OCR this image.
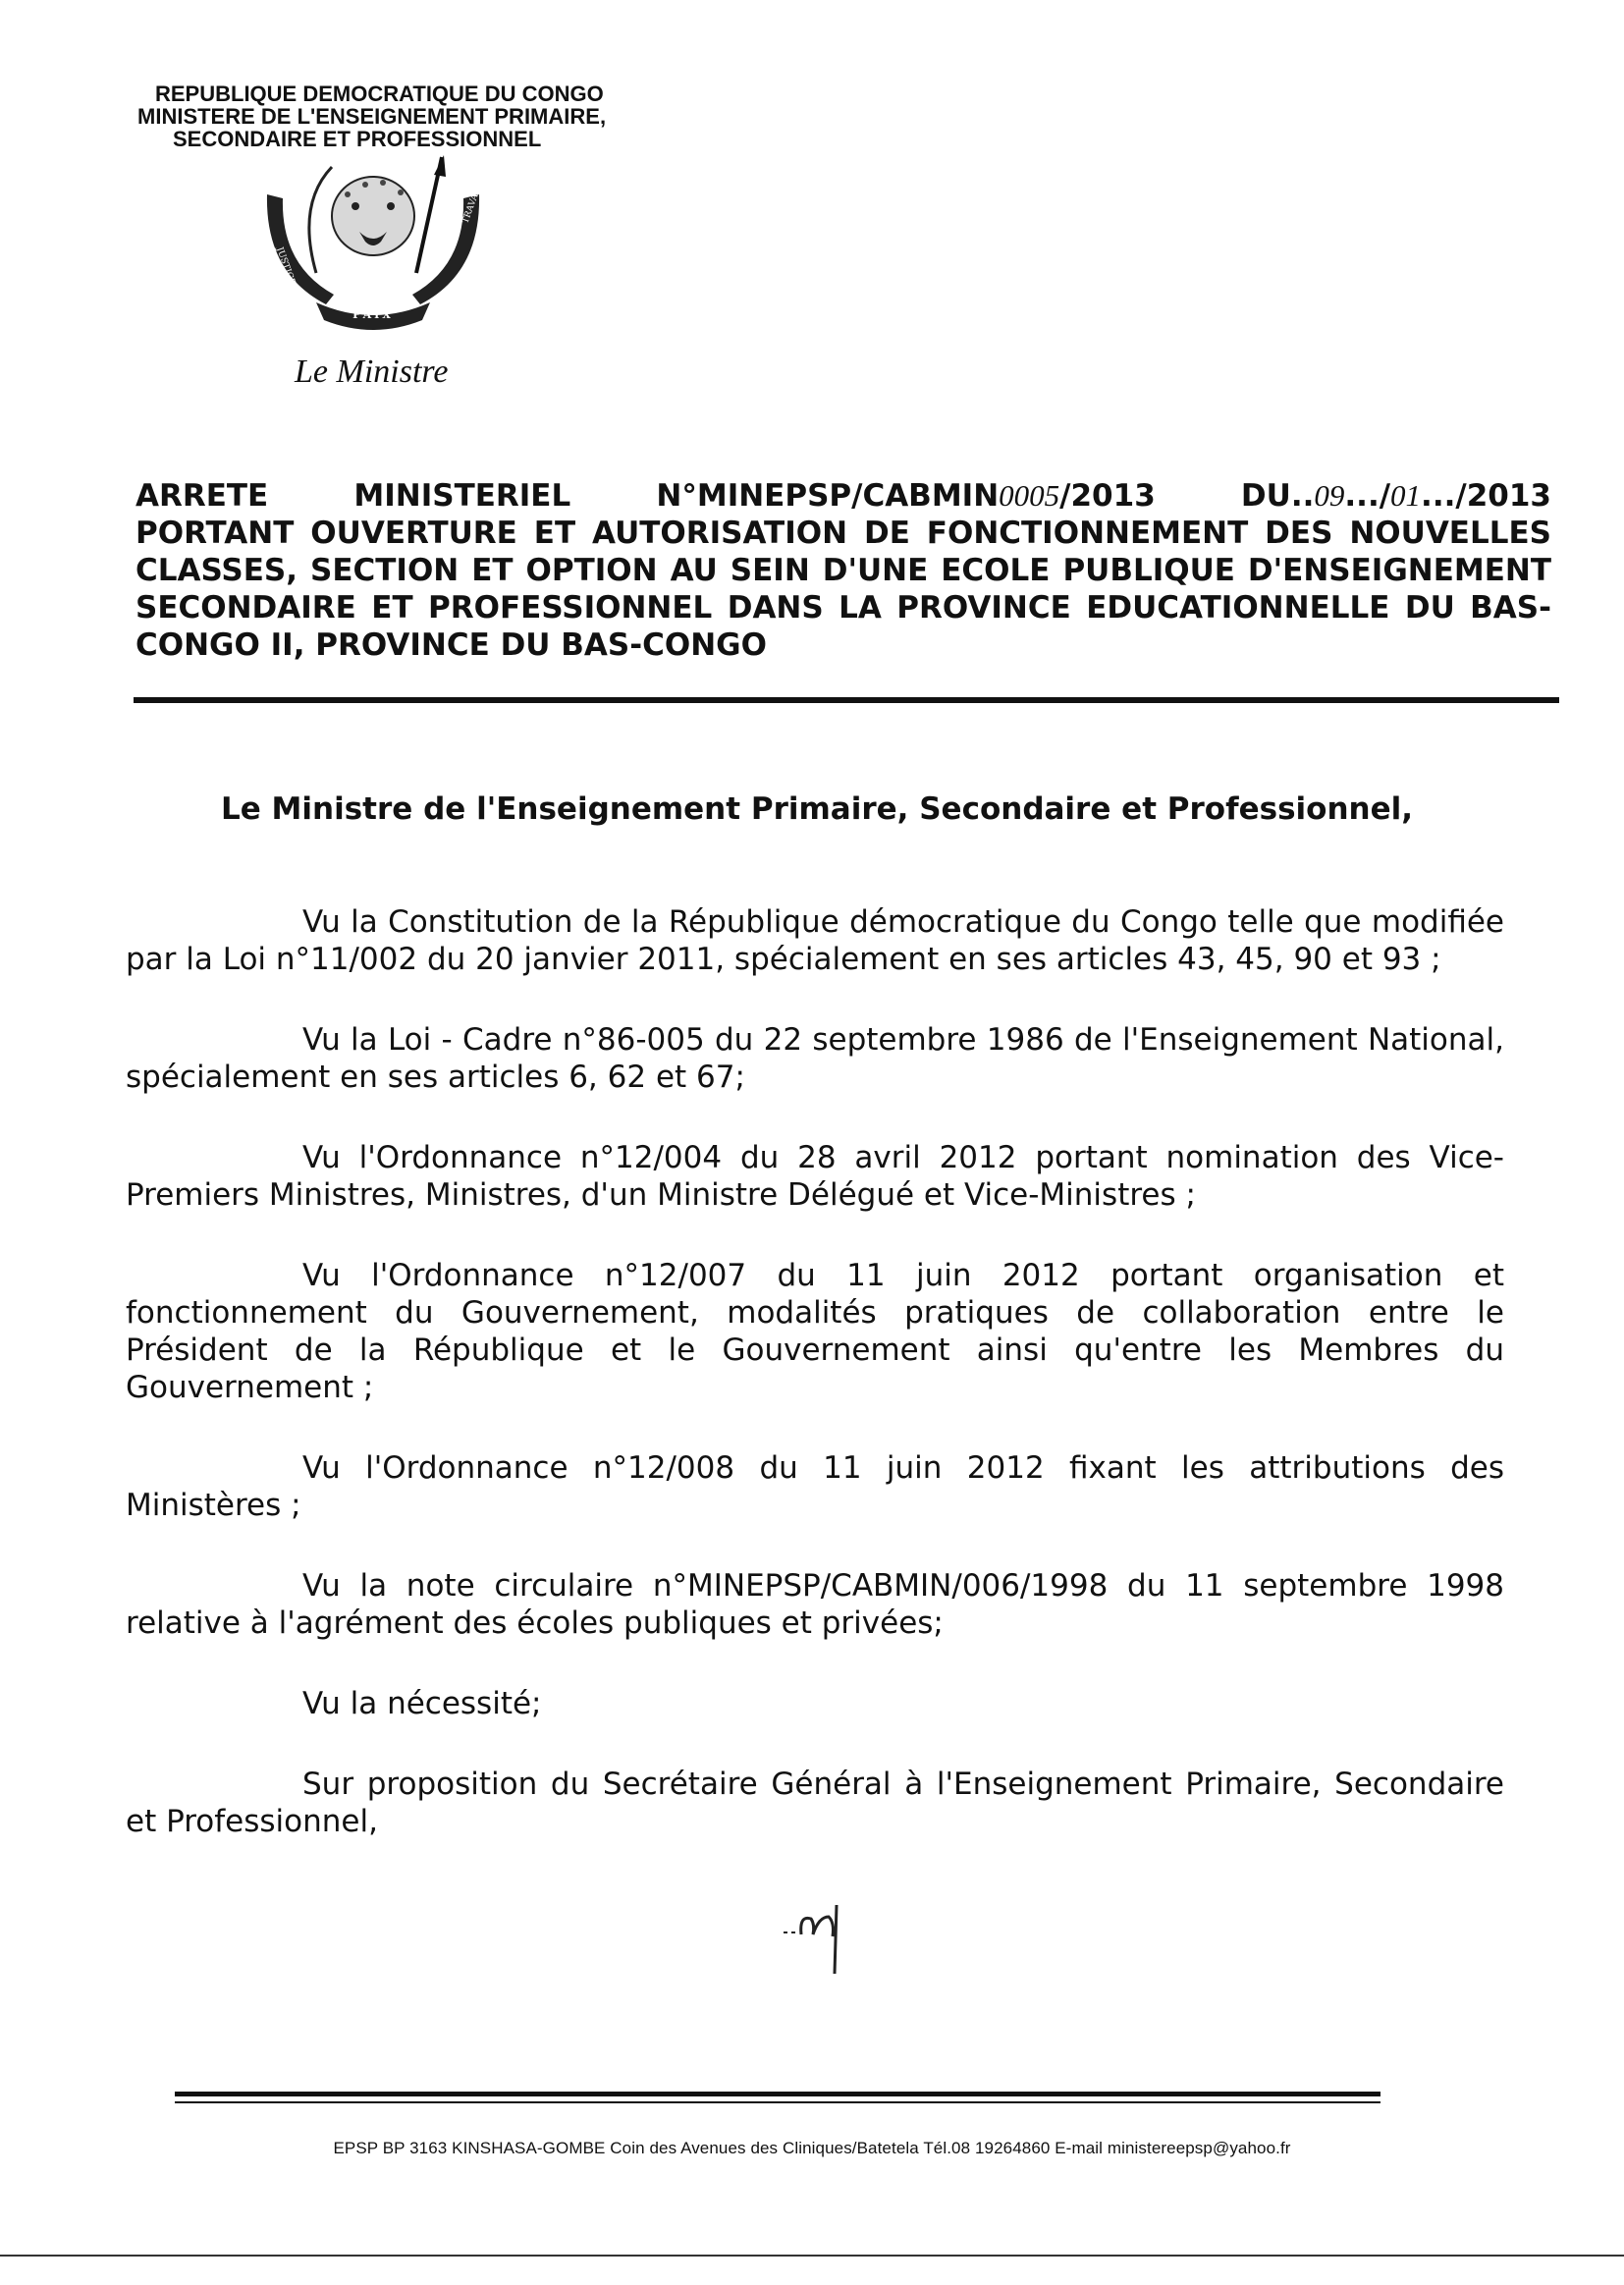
REPUBLIQUE DEMOCRATIQUE DU CONGO
MINISTERE DE L'ENSEIGNEMENT PRIMAIRE,
SECONDAIRE ET PROFESSIONNEL
PAIX
JUSTICE
TRAVAIL
Le Ministre
ARRETE	MINISTERIEL	N°MINEPSP/CABMIN0005/2013	DU..09.../01.../2013
PORTANT OUVERTURE ET AUTORISATION DE FONCTIONNEMENT DES NOUVELLES CLASSES, SECTION ET OPTION AU SEIN D'UNE ECOLE PUBLIQUE D'ENSEIGNEMENT SECONDAIRE ET PROFESSIONNEL DANS LA PROVINCE EDUCATIONNELLE DU BAS-CONGO II, PROVINCE DU BAS-CONGO
Le Ministre de l'Enseignement Primaire, Secondaire et Professionnel,

Vu la Constitution de la République démocratique du Congo telle que modifiée par la Loi n°11/002 du 20 janvier 2011, spécialement en ses articles 43, 45, 90 et 93 ;

Vu la Loi - Cadre n°86-005 du 22 septembre 1986 de l'Enseignement National, spécialement en ses articles 6, 62 et 67;

Vu l'Ordonnance n°12/004 du 28 avril 2012 portant nomination des Vice-Premiers Ministres, Ministres, d'un Ministre Délégué et Vice-Ministres ;

Vu l'Ordonnance n°12/007 du 11 juin 2012 portant organisation et fonctionnement du Gouvernement, modalités pratiques de collaboration entre le Président de la République et le Gouvernement ainsi qu'entre les Membres du Gouvernement ;

Vu l'Ordonnance n°12/008 du 11 juin 2012 fixant les attributions des Ministères ;

Vu la note circulaire n°MINEPSP/CABMIN/006/1998 du 11 septembre 1998 relative à l'agrément des écoles publiques et privées;

Vu la nécessité;

Sur proposition du Secrétaire Général à l'Enseignement Primaire, Secondaire et Professionnel,

EPSP BP 3163 KINSHASA-GOMBE Coin des Avenues des Cliniques/Batetela Tél.08 19264860 E-mail ministereepsp@yahoo.fr
